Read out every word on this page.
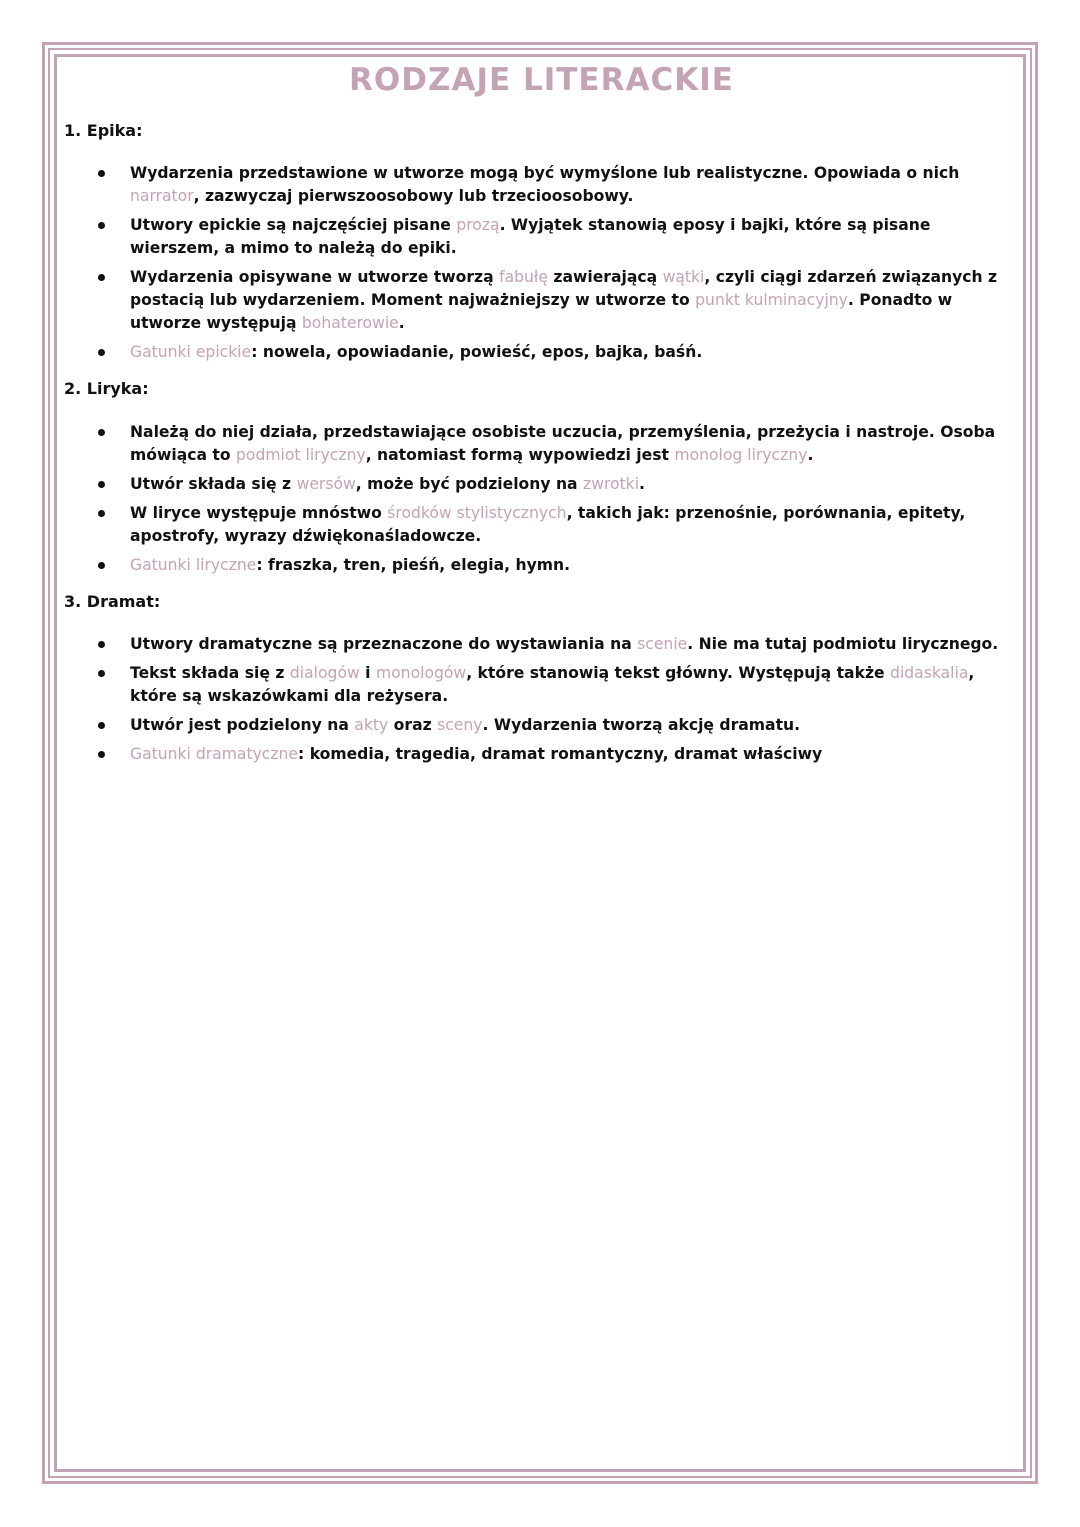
RODZAJE LITERACKIE
1. Epika:
Wydarzenia przedstawione w utworze mogą być wymyślone lub realistyczne. Opowiada o nich narrator, zazwyczaj pierwszoosobowy lub trzecioosobowy.
Utwory epickie są najczęściej pisane prozą. Wyjątek stanowią eposy i bajki, które są pisane wierszem, a mimo to należą do epiki.
Wydarzenia opisywane w utworze tworzą fabułę zawierającą wątki, czyli ciągi zdarzeń związanych z postacią lub wydarzeniem. Moment najważniejszy w utworze to punkt kulminacyjny. Ponadto w utworze występują bohaterowie.
Gatunki epickie: nowela, opowiadanie, powieść, epos, bajka, baśń.
2. Liryka:
Należą do niej działa, przedstawiające osobiste uczucia, przemyślenia, przeżycia i nastroje. Osoba mówiąca to podmiot liryczny, natomiast formą wypowiedzi jest monolog liryczny.
Utwór składa się z wersów, może być podzielony na zwrotki.
W liryce występuje mnóstwo środków stylistycznych, takich jak: przenośnie, porównania, epitety, apostrofy, wyrazy dźwiękonaśladowcze.
Gatunki liryczne: fraszka, tren, pieśń, elegia, hymn.
3. Dramat:
Utwory dramatyczne są przeznaczone do wystawiania na scenie. Nie ma tutaj podmiotu lirycznego.
Tekst składa się z dialogów i monologów, które stanowią tekst główny. Występują także didaskalia, które są wskazówkami dla reżysera.
Utwór jest podzielony na akty oraz sceny. Wydarzenia tworzą akcję dramatu.
Gatunki dramatyczne: komedia, tragedia, dramat romantyczny, dramat właściwy
